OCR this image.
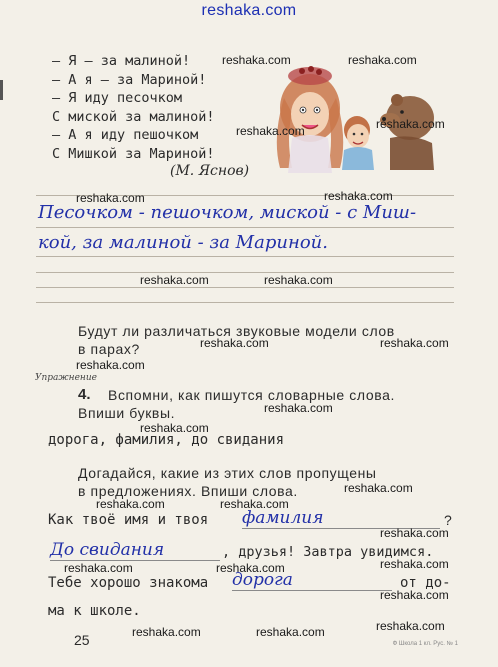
reshaka.com
— Я — за малиной!
— А я — за Мариной!
— Я иду песочком
С миской за малиной!
— А я иду пешочком
С Мишкой за Мариной!
(М. Яснов)
Песочком - пешочком, миской - с Миш-
кой, за малиной - за Мариной.
Будут ли различаться звуковые модели слов
в парах?
Упражнение
4. Вспомни, как пишутся словарные слова.
Впиши буквы.
дорога, фамилия, до свидания
Догадайся, какие из этих слов пропущены
в предложениях. Впиши слова.
Как твоё имя и твоя фамилия	?
До свидания	, друзья! Завтра увидимся.
Тебе хорошо знакома дорога	от до-
ма к школе.
25	Ф Школа 1 кл. Рус. № 1
reshaka.com	reshaka.com
reshaka.com	reshaka.com
reshaka.com	reshaka.com
reshaka.com	reshaka.com
reshaka.com	reshaka.com
reshaka.com
reshaka.com
reshaka.com
reshaka.com
reshaka.com	reshaka.com
reshaka.com
reshaka.com	reshaka.com	reshaka.com
reshaka.com
reshaka.com	reshaka.com	reshaka.com
